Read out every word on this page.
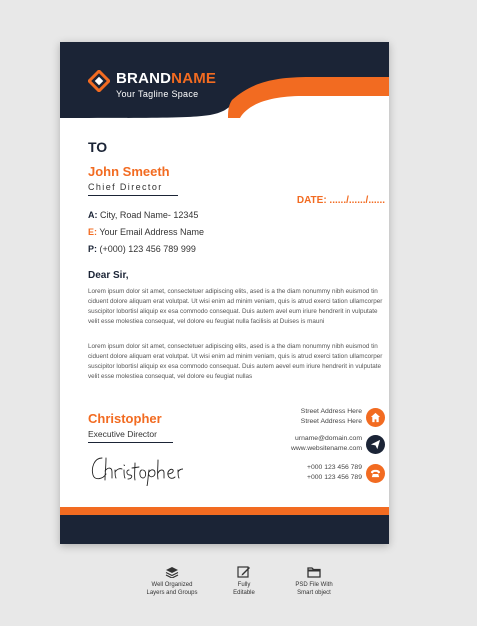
BRANDNAME
Your Tagline Space
TO
John Smeeth
Chief Director
DATE: ....../....../......
A: City, Road Name- 12345
E: Your Email Address Name
P: (+000) 123 456 789 999
Dear Sir,

Lorem ipsum dolor sit amet, consectetuer adipiscing elits, ased is a the diam nonummy nibh euismod tin ciduent dolore aliquam erat volutpat. Ut wisi enim ad minim veniam, quis is atrud exerci tation ullamcorper suscipitor lobortisl aliquip ex esa commodo consequat. Duis autem avel eum iriure hendrerit in vulputate velit esse molestiea consequat, vel dolore eu feugiat nulla facilisis at Duises is mauni

Lorem ipsum dolor sit amet, consectetuer adipiscing elits, ased is a the diam nonummy nibh euismod tin ciduent dolore aliquam erat volutpat. Ut wisi enim ad minim veniam, quis is atrud exerci tation ullamcorper suscipitor lobortisl aliquip ex esa commodo consequat. Duis autem aevel eum iriure hendrerit in vulputate velit esse molestiea consequat, vel dolore eu feugiat nullas

Christopher
Executive Director
Street Address Here
Street Address Here
urname@domain.com
www.websitename.com
+000 123 456 789
+000 123 456 789
Well Organized
Layers and Groups
Fully
Editable
PSD File With
Smart object
